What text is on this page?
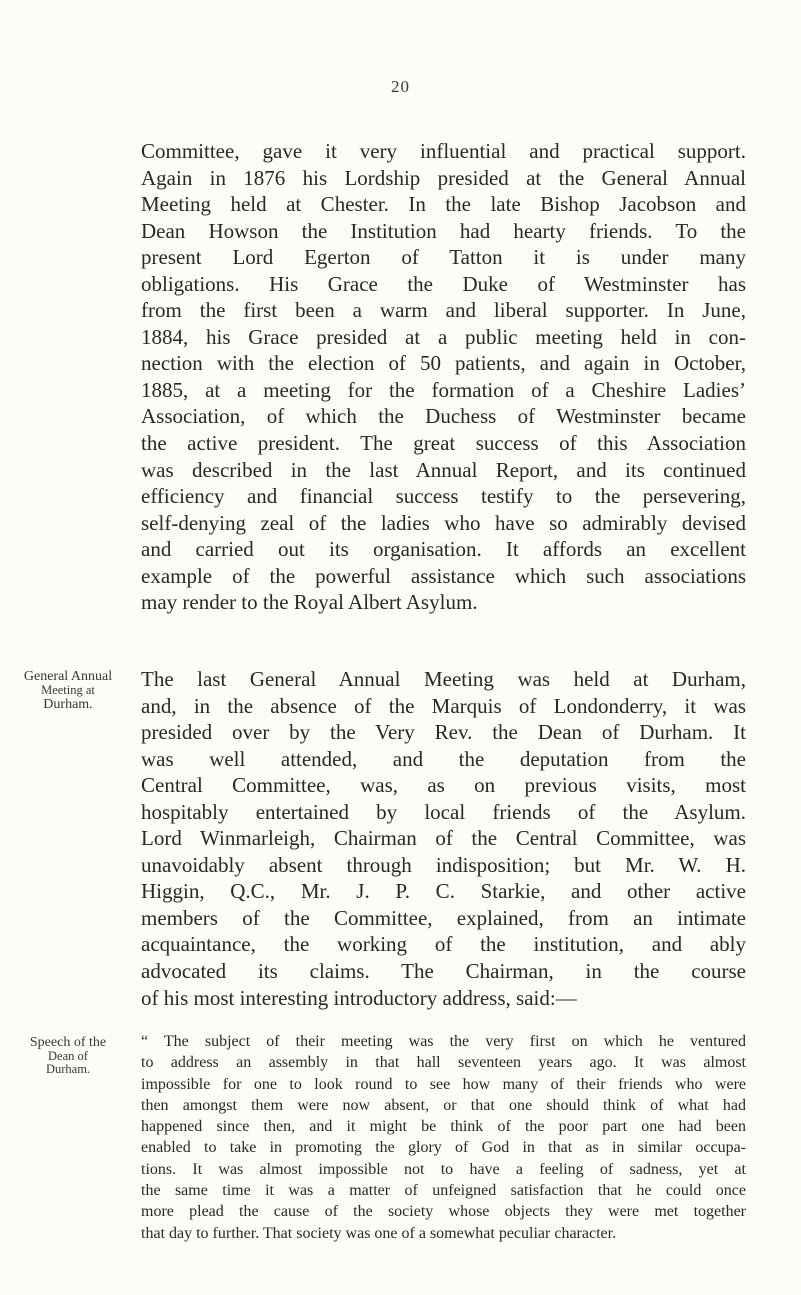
20
Committee, gave it very influential and practical support.
Again in 1876 his Lordship presided at the General Annual
Meeting held at Chester. In the late Bishop Jacobson and
Dean Howson the Institution had hearty friends. To the
present Lord Egerton of Tatton it is under many
obligations. His Grace the Duke of Westminster has
from the first been a warm and liberal supporter. In June,
1884, his Grace presided at a public meeting held in con-
nection with the election of 50 patients, and again in October,
1885, at a meeting for the formation of a Cheshire Ladies’
Association, of which the Duchess of Westminster became
the active president. The great success of this Association
was described in the last Annual Report, and its continued
efficiency and financial success testify to the persevering,
self-denying zeal of the ladies who have so admirably devised
and carried out its organisation. It affords an excellent
example of the powerful assistance which such associations
may render to the Royal Albert Asylum.
General Annual
Meeting at
Durham.
The last General Annual Meeting was held at Durham,
and, in the absence of the Marquis of Londonderry, it was
presided over by the Very Rev. the Dean of Durham. It
was well attended, and the deputation from the
Central Committee, was, as on previous visits, most
hospitably entertained by local friends of the Asylum.
Lord Winmarleigh, Chairman of the Central Committee, was
unavoidably absent through indisposition; but Mr. W. H.
Higgin, Q.C., Mr. J. P. C. Starkie, and other active
members of the Committee, explained, from an intimate
acquaintance, the working of the institution, and ably
advocated its claims. The Chairman, in the course
of his most interesting introductory address, said:—
Speech of the
Dean of
Durham.
“ The subject of their meeting was the very first on which he ventured
to address an assembly in that hall seventeen years ago. It was almost
impossible for one to look round to see how many of their friends who were
then amongst them were now absent, or that one should think of what had
happened since then, and it might be think of the poor part one had been
enabled to take in promoting the glory of God in that as in similar occupa-
tions. It was almost impossible not to have a feeling of sadness, yet at
the same time it was a matter of unfeigned satisfaction that he could once
more plead the cause of the society whose objects they were met together
that day to further. That society was one of a somewhat peculiar character.
